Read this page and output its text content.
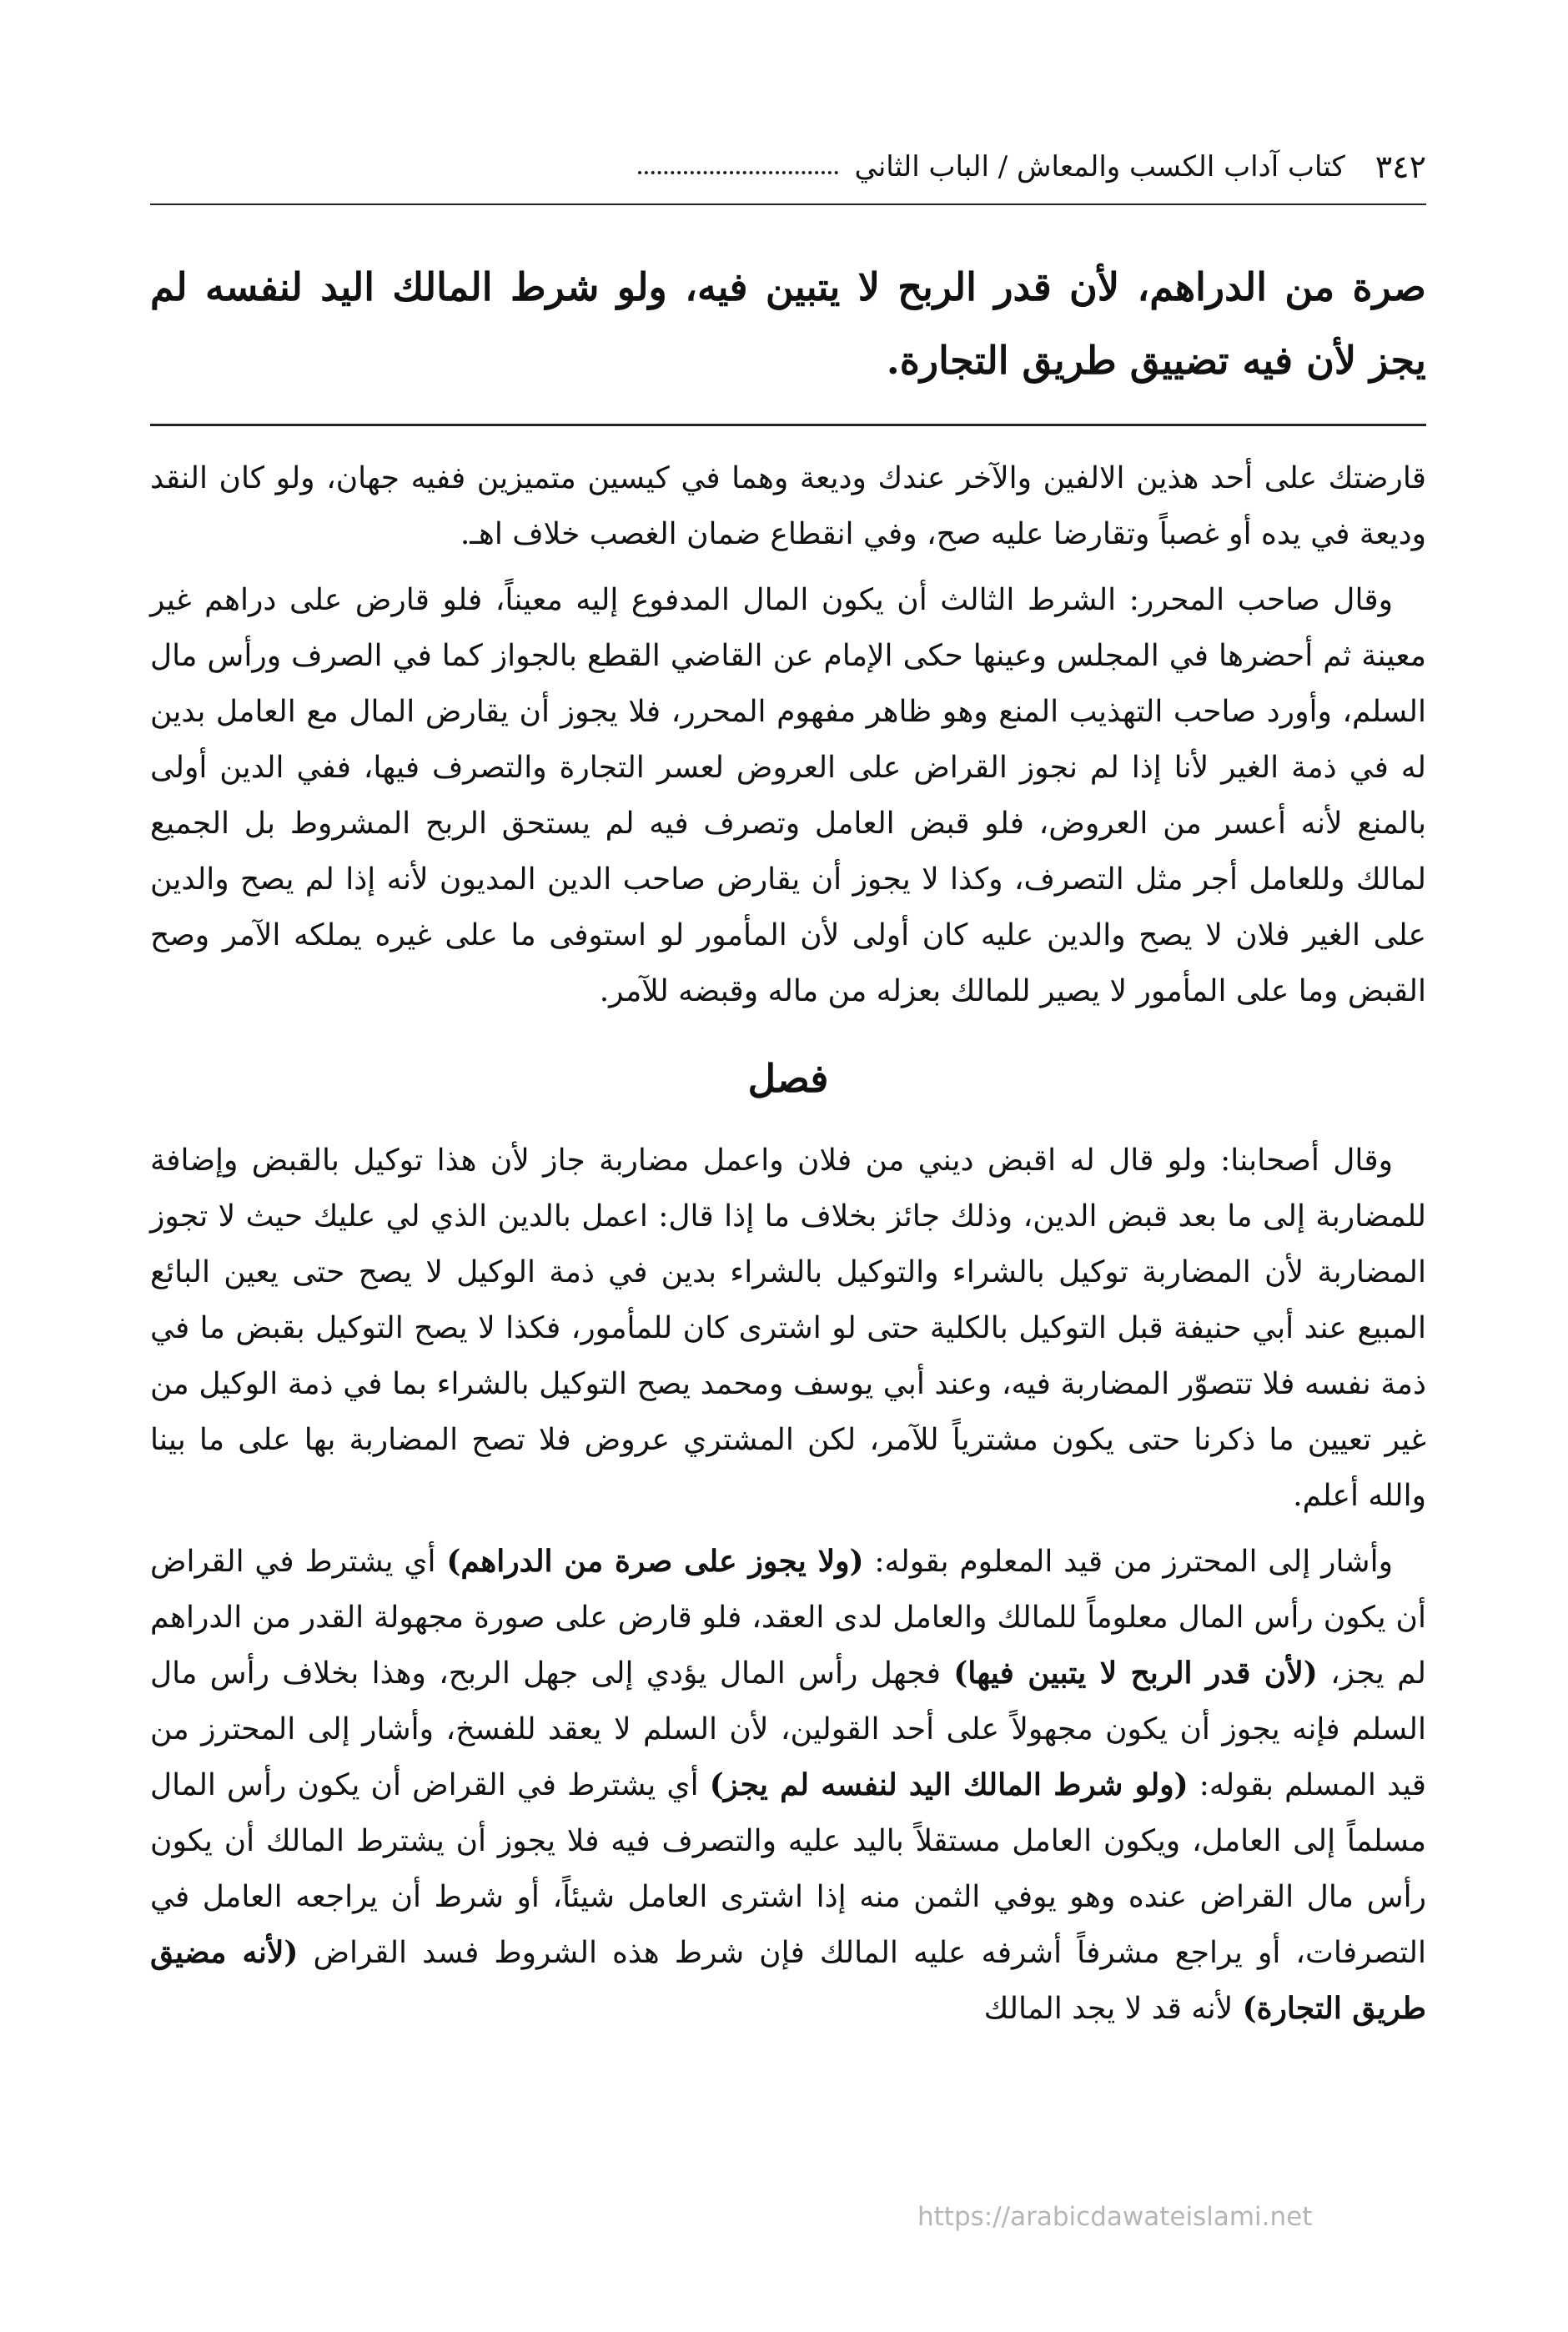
٣٤٢
كتاب آداب الكسب والمعاش / الباب الثاني
صرة من الدراهم، لأن قدر الربح لا يتبين فيه، ولو شرط المالك اليد لنفسه لم يجز لأن فيه تضييق طريق التجارة.

قارضتك على أحد هذين الالفين والآخر عندك وديعة وهما في كيسين متميزين ففيه جهان، ولو كان النقد وديعة في يده أو غصباً وتقارضا عليه صح، وفي انقطاع ضمان الغصب خلاف اهـ.

وقال صاحب المحرر: الشرط الثالث أن يكون المال المدفوع إليه معيناً، فلو قارض على دراهم غير معينة ثم أحضرها في المجلس وعينها حكى الإمام عن القاضي القطع بالجواز كما في الصرف ورأس مال السلم، وأورد صاحب التهذيب المنع وهو ظاهر مفهوم المحرر، فلا يجوز أن يقارض المال مع العامل بدين له في ذمة الغير لأنا إذا لم نجوز القراض على العروض لعسر التجارة والتصرف فيها، ففي الدين أولى بالمنع لأنه أعسر من العروض، فلو قبض العامل وتصرف فيه لم يستحق الربح المشروط بل الجميع لمالك وللعامل أجر مثل التصرف، وكذا لا يجوز أن يقارض صاحب الدين المديون لأنه إذا لم يصح والدين على الغير فلان لا يصح والدين عليه كان أولى لأن المأمور لو استوفى ما على غيره يملكه الآمر وصح القبض وما على المأمور لا يصير للمالك بعزله من ماله وقبضه للآمر.

فصل

وقال أصحابنا: ولو قال له اقبض ديني من فلان واعمل مضاربة جاز لأن هذا توكيل بالقبض وإضافة للمضاربة إلى ما بعد قبض الدين، وذلك جائز بخلاف ما إذا قال: اعمل بالدين الذي لي عليك حيث لا تجوز المضاربة لأن المضاربة توكيل بالشراء والتوكيل بالشراء بدين في ذمة الوكيل لا يصح حتى يعين البائع المبيع عند أبي حنيفة قبل التوكيل بالكلية حتى لو اشترى كان للمأمور، فكذا لا يصح التوكيل بقبض ما في ذمة نفسه فلا تتصوّر المضاربة فيه، وعند أبي يوسف ومحمد يصح التوكيل بالشراء بما في ذمة الوكيل من غير تعيين ما ذكرنا حتى يكون مشترياً للآمر، لكن المشتري عروض فلا تصح المضاربة بها على ما بينا والله أعلم.

وأشار إلى المحترز من قيد المعلوم بقوله: (ولا يجوز على صرة من الدراهم) أي يشترط في القراض أن يكون رأس المال معلوماً للمالك والعامل لدى العقد، فلو قارض على صورة مجهولة القدر من الدراهم لم يجز، (لأن قدر الربح لا يتبين فيها) فجهل رأس المال يؤدي إلى جهل الربح، وهذا بخلاف رأس مال السلم فإنه يجوز أن يكون مجهولاً على أحد القولين، لأن السلم لا يعقد للفسخ، وأشار إلى المحترز من قيد المسلم بقوله: (ولو شرط المالك اليد لنفسه لم يجز) أي يشترط في القراض أن يكون رأس المال مسلماً إلى العامل، ويكون العامل مستقلاً باليد عليه والتصرف فيه فلا يجوز أن يشترط المالك أن يكون رأس مال القراض عنده وهو يوفي الثمن منه إذا اشترى العامل شيئاً، أو شرط أن يراجعه العامل في التصرفات، أو يراجع مشرفاً أشرفه عليه المالك فإن شرط هذه الشروط فسد القراض (لأنه مضيق طريق التجارة) لأنه قد لا يجد المالك

https://arabicdawateislami.net
